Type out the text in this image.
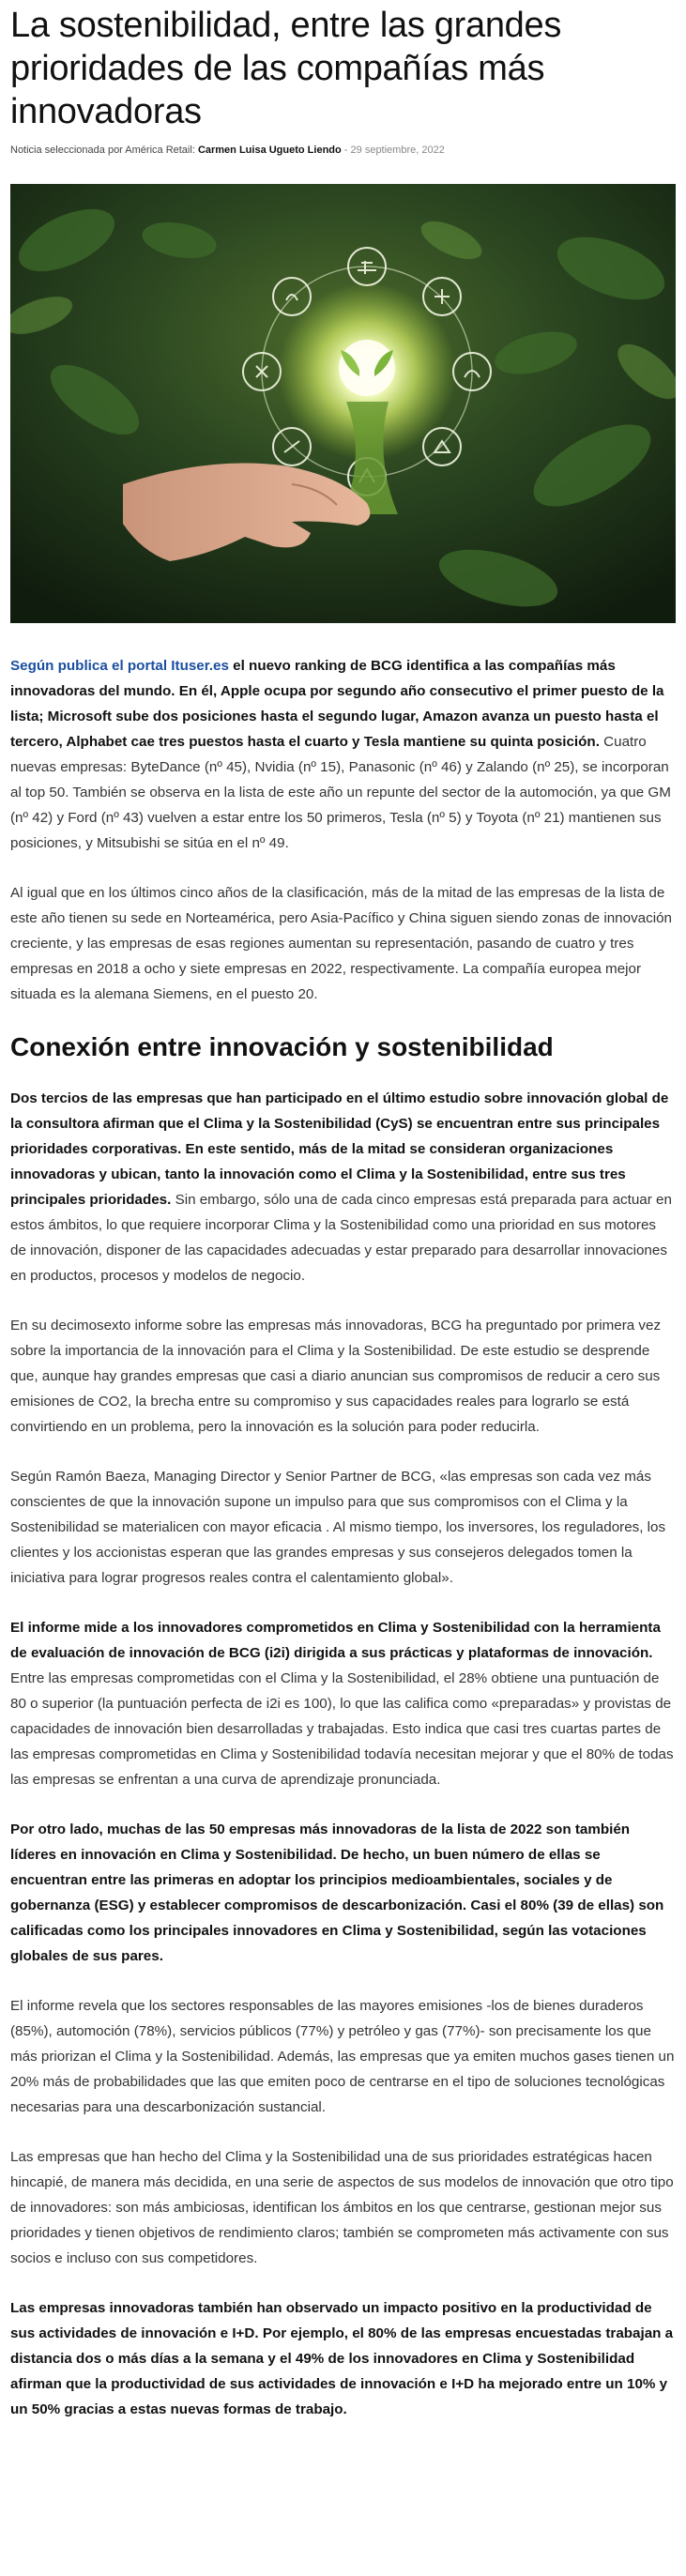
La sostenibilidad, entre las grandes prioridades de las compañías más innovadoras
Noticia seleccionada por América Retail: Carmen Luisa Ugueto Liendo - 29 septiembre, 2022

Según publica el portal Ituser.es el nuevo ranking de BCG identifica a las compañías más innovadoras del mundo. En él, Apple ocupa por segundo año consecutivo el primer puesto de la lista; Microsoft sube dos posiciones hasta el segundo lugar, Amazon avanza un puesto hasta el tercero, Alphabet cae tres puestos hasta el cuarto y Tesla mantiene su quinta posición. Cuatro nuevas empresas: ByteDance (nº 45), Nvidia (nº 15), Panasonic (nº 46) y Zalando (nº 25), se incorporan al top 50. También se observa en la lista de este año un repunte del sector de la automoción, ya que GM (nº 42) y Ford (nº 43) vuelven a estar entre los 50 primeros, Tesla (nº 5) y Toyota (nº 21) mantienen sus posiciones, y Mitsubishi se sitúa en el nº 49.

Al igual que en los últimos cinco años de la clasificación, más de la mitad de las empresas de la lista de este año tienen su sede en Norteamérica, pero Asia-Pacífico y China siguen siendo zonas de innovación creciente, y las empresas de esas regiones aumentan su representación, pasando de cuatro y tres empresas en 2018 a ocho y siete empresas en 2022, respectivamente. La compañía europea mejor situada es la alemana Siemens, en el puesto 20.

Conexión entre innovación y sostenibilidad

Dos tercios de las empresas que han participado en el último estudio sobre innovación global de la consultora afirman que el Clima y la Sostenibilidad (CyS) se encuentran entre sus principales prioridades corporativas. En este sentido, más de la mitad se consideran organizaciones innovadoras y ubican, tanto la innovación como el Clima y la Sostenibilidad, entre sus tres principales prioridades. Sin embargo, sólo una de cada cinco empresas está preparada para actuar en estos ámbitos, lo que requiere incorporar Clima y la Sostenibilidad como una prioridad en sus motores de innovación, disponer de las capacidades adecuadas y estar preparado para desarrollar innovaciones en productos, procesos y modelos de negocio.

En su decimosexto informe sobre las empresas más innovadoras, BCG ha preguntado por primera vez sobre la importancia de la innovación para el Clima y la Sostenibilidad. De este estudio se desprende que, aunque hay grandes empresas que casi a diario anuncian sus compromisos de reducir a cero sus emisiones de CO2, la brecha entre su compromiso y sus capacidades reales para lograrlo se está convirtiendo en un problema, pero la innovación es la solución para poder reducirla.

Según Ramón Baeza, Managing Director y Senior Partner de BCG, «las empresas son cada vez más conscientes de que la innovación supone un impulso para que sus compromisos con el Clima y la Sostenibilidad se materialicen con mayor eficacia . Al mismo tiempo, los inversores, los reguladores, los clientes y los accionistas esperan que las grandes empresas y sus consejeros delegados tomen la iniciativa para lograr progresos reales contra el calentamiento global».

El informe mide a los innovadores comprometidos en Clima y Sostenibilidad con la herramienta de evaluación de innovación de BCG (i2i) dirigida a sus prácticas y plataformas de innovación. Entre las empresas comprometidas con el Clima y la Sostenibilidad, el 28% obtiene una puntuación de 80 o superior (la puntuación perfecta de i2i es 100), lo que las califica como «preparadas» y provistas de capacidades de innovación bien desarrolladas y trabajadas. Esto indica que casi tres cuartas partes de las empresas comprometidas en Clima y Sostenibilidad todavía necesitan mejorar y que el 80% de todas las empresas se enfrentan a una curva de aprendizaje pronunciada.

Por otro lado, muchas de las 50 empresas más innovadoras de la lista de 2022 son también líderes en innovación en Clima y Sostenibilidad. De hecho, un buen número de ellas se encuentran entre las primeras en adoptar los principios medioambientales, sociales y de gobernanza (ESG) y establecer compromisos de descarbonización. Casi el 80% (39 de ellas) son calificadas como los principales innovadores en Clima y Sostenibilidad, según las votaciones globales de sus pares.

El informe revela que los sectores responsables de las mayores emisiones -los de bienes duraderos (85%), automoción (78%), servicios públicos (77%) y petróleo y gas (77%)- son precisamente los que más priorizan el Clima y la Sostenibilidad. Además, las empresas que ya emiten muchos gases tienen un 20% más de probabilidades que las que emiten poco de centrarse en el tipo de soluciones tecnológicas necesarias para una descarbonización sustancial.

Las empresas que han hecho del Clima y la Sostenibilidad una de sus prioridades estratégicas hacen hincapié, de manera más decidida, en una serie de aspectos de sus modelos de innovación que otro tipo de innovadores: son más ambiciosas, identifican los ámbitos en los que centrarse, gestionan mejor sus prioridades y tienen objetivos de rendimiento claros; también se comprometen más activamente con sus socios e incluso con sus competidores.

Las empresas innovadoras también han observado un impacto positivo en la productividad de sus actividades de innovación e I+D. Por ejemplo, el 80% de las empresas encuestadas trabajan a distancia dos o más días a la semana y el 49% de los innovadores en Clima y Sostenibilidad afirman que la productividad de sus actividades de innovación e I+D ha mejorado entre un 10% y un 50% gracias a estas nuevas formas de trabajo.
